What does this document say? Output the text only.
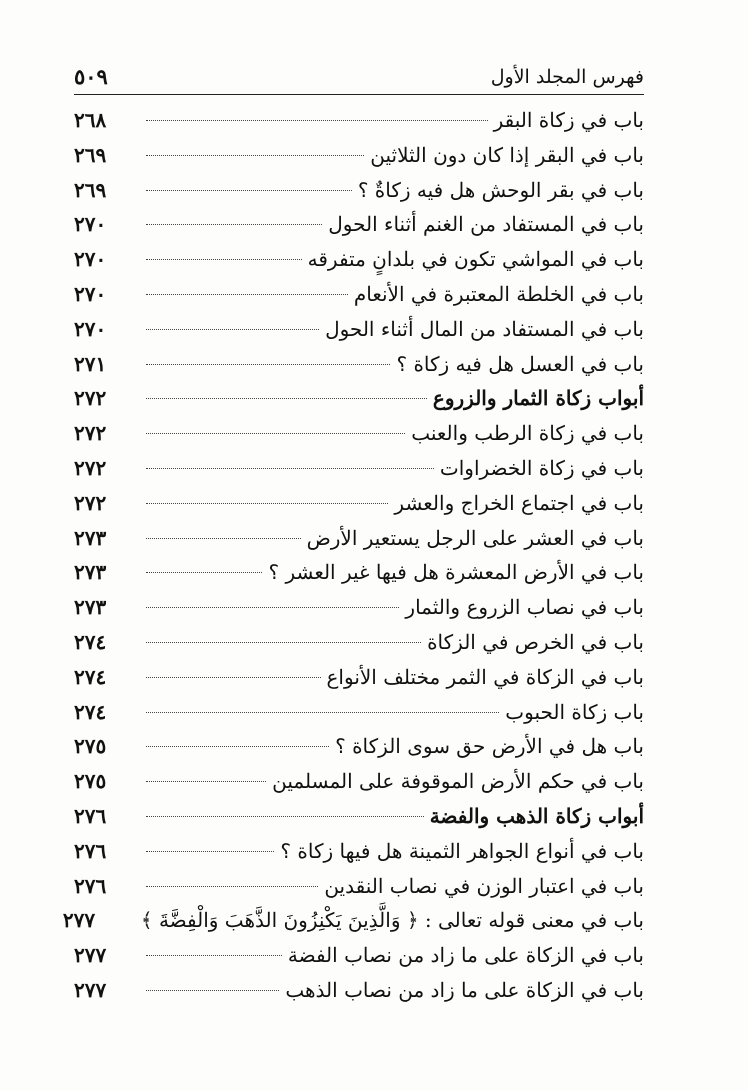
فهرس المجلد الأول
٥٠٩
باب في زكاة البقر
٢٦٨
باب في البقر إذا كان دون الثلاثين
٢٦٩
باب في بقر الوحش هل فيه زكاةٌ ؟
٢٦٩
باب في المستفاد من الغنم أثناء الحول
٢٧٠
باب في المواشي تكون في بلدانٍ متفرقه
٢٧٠
باب في الخلطة المعتبرة في الأنعام
٢٧٠
باب في المستفاد من المال أثناء الحول
٢٧٠
باب في العسل هل فيه زكاة ؟
٢٧١
أبواب زكاة الثمار والزروع
٢٧٢
باب في زكاة الرطب والعنب
٢٧٢
باب في زكاة الخضراوات
٢٧٢
باب في اجتماع الخراج والعشر
٢٧٢
باب في العشر على الرجل يستعير الأرض
٢٧٣
باب في الأرض المعشرة هل فيها غير العشر ؟
٢٧٣
باب في نصاب الزروع والثمار
٢٧٣
باب في الخرص في الزكاة
٢٧٤
باب في الزكاة في الثمر مختلف الأنواع
٢٧٤
باب زكاة الحبوب
٢٧٤
باب هل في الأرض حق سوى الزكاة ؟
٢٧٥
باب في حكم الأرض الموقوفة على المسلمين
٢٧٥
أبواب زكاة الذهب والفضة
٢٧٦
باب في أنواع الجواهر الثمينة هل فيها زكاة ؟
٢٧٦
باب في اعتبار الوزن في نصاب النقدين
٢٧٦
باب في معنى قوله تعالى : ﴿ وَالَّذِينَ يَكْنِزُونَ الذَّهَبَ وَالْفِضَّةَ ﴾
٢٧٧
باب في الزكاة على ما زاد من نصاب الفضة
٢٧٧
باب في الزكاة على ما زاد من نصاب الذهب
٢٧٧
